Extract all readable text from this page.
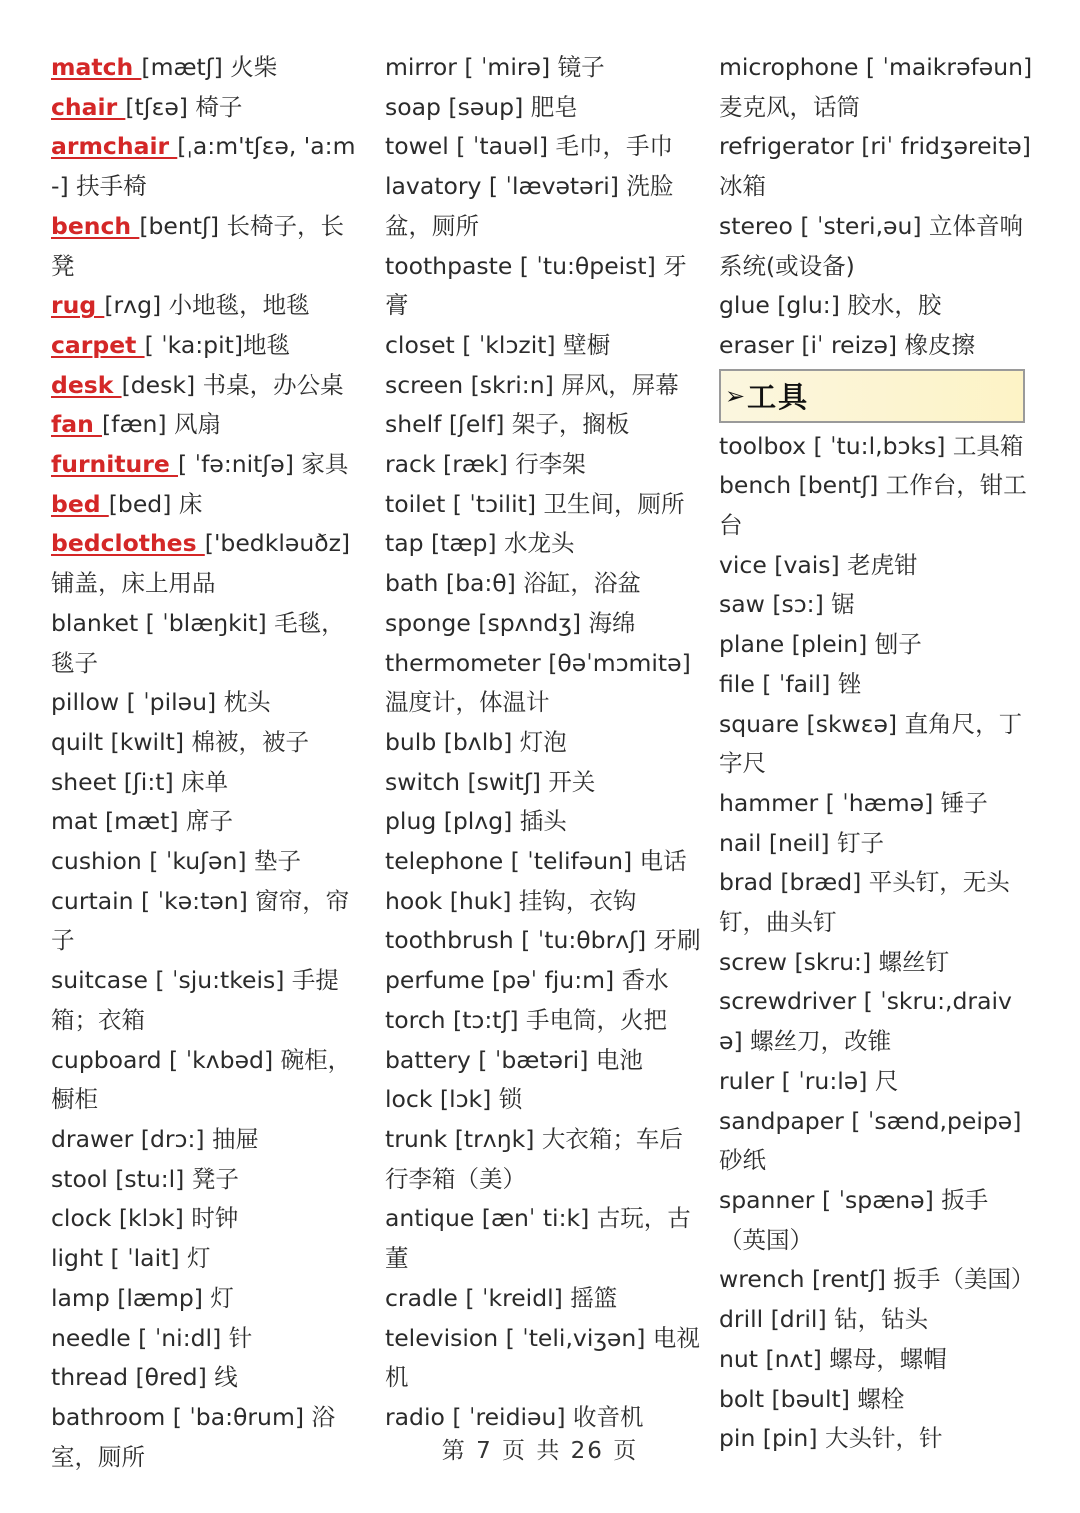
match [mætʃ] 火柴
chair [tʃɛə] 椅子
armchair [ˌa:m'tʃɛə, 'a:m-] 扶手椅
bench [bentʃ] 长椅子，长凳
rug [rʌg] 小地毯，地毯
carpet [ ˈka:pit]地毯
desk [desk] 书桌，办公桌
fan [fæn] 风扇
furniture [ ˈfə:nitʃə] 家具
bed [bed] 床
bedclothes ['bedkləuðz] 铺盖，床上用品
blanket [ ˈblæŋkit] 毛毯，毯子
pillow [ ˈpiləu] 枕头
quilt [kwilt] 棉被，被子
sheet [ʃi:t] 床单
mat [mæt] 席子
cushion [ ˈkuʃən] 垫子
curtain [ ˈkə:tən] 窗帘，帘子
suitcase [ ˈsju:tkeis] 手提箱；衣箱
cupboard [ ˈkʌbəd] 碗柜，橱柜
drawer [drɔ:] 抽屉
stool [stu:l] 凳子
clock [klɔk] 时钟
light [ ˈlait] 灯
lamp [læmp] 灯
needle [ ˈni:dl] 针
thread [θred] 线
bathroom [ ˈba:θrum] 浴室，厕所
mirror [ ˈmirə] 镜子
soap [səup] 肥皂
towel [ ˈtauəl] 毛巾，手巾
lavatory [ ˈlævətəri] 洗脸盆，厕所
toothpaste [ ˈtu:θpeist] 牙膏
closet [ ˈklɔzit] 壁橱
screen [skri:n] 屏风，屏幕
shelf [ʃelf] 架子，搁板
rack [ræk] 行李架
toilet [ ˈtɔilit] 卫生间，厕所
tap [tæp] 水龙头
bath [ba:θ] 浴缸，浴盆
sponge [spʌndʒ] 海绵
thermometer [θəˈmɔmitə] 温度计，体温计
bulb [bʌlb] 灯泡
switch [switʃ] 开关
plug [plʌg] 插头
telephone [ ˈtelifəun] 电话
hook [huk] 挂钩，衣钩
toothbrush [ ˈtu:θbrʌʃ] 牙刷
perfume [pəˈ fju:m] 香水
torch [tɔ:tʃ] 手电筒，火把
battery [ ˈbætəri] 电池
lock [lɔk] 锁
trunk [trʌŋk] 大衣箱；车后行李箱（美）
antique [ænˈ ti:k] 古玩，古董
cradle [ ˈkreidl] 摇篮
television [ ˈteli,viʒən] 电视机
radio [ ˈreidiəu] 收音机
microphone [ ˈmaikrəfəun] 麦克风，话筒
refrigerator [riˈ fridʒəreitə] 冰箱
stereo [ ˈsteri,əu] 立体音响系统(或设备)
glue [glu:] 胶水，胶
eraser [iˈ reizə] 橡皮擦
➢ 工具
toolbox [ ˈtu:l,bɔks] 工具箱
bench [bentʃ] 工作台，钳工台
vice [vais] 老虎钳
saw [sɔ:] 锯
plane [plein] 刨子
file [ ˈfail] 锉
square [skwɛə] 直角尺，丁字尺
hammer [ ˈhæmə] 锤子
nail [neil] 钉子
brad [bræd] 平头钉，无头钉，曲头钉
screw [skru:] 螺丝钉
screwdriver [ ˈskru:,draivə] 螺丝刀，改锥
ruler [ ˈru:lə] 尺
sandpaper [ ˈsænd,peipə] 砂纸
spanner [ ˈspænə] 扳手（英国）
wrench [rentʃ] 扳手（美国）
drill [dril] 钻，钻头
nut [nʌt] 螺母，螺帽
bolt [bəult] 螺栓
pin [pin] 大头针，针
第 7 页 共 26 页
